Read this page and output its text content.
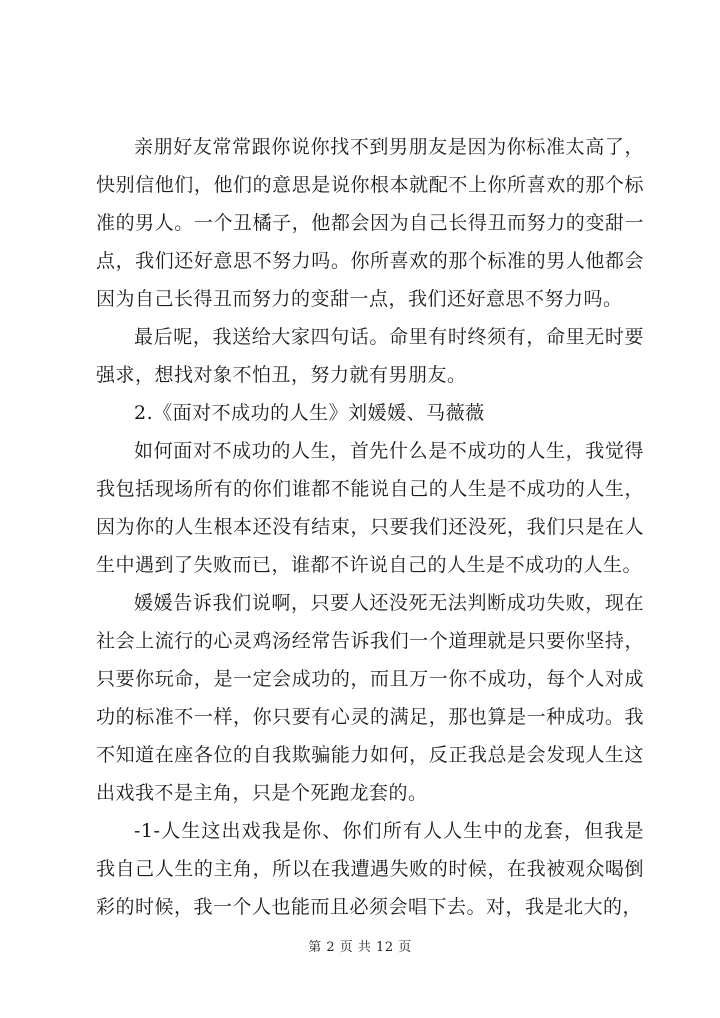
亲朋好友常常跟你说你找不到男朋友是因为你标准太高了，快别信他们，他们的意思是说你根本就配不上你所喜欢的那个标准的男人。一个丑橘子，他都会因为自己长得丑而努力的变甜一点，我们还好意思不努力吗。你所喜欢的那个标准的男人他都会因为自己长得丑而努力的变甜一点，我们还好意思不努力吗。

最后呢，我送给大家四句话。命里有时终须有，命里无时要强求，想找对象不怕丑，努力就有男朋友。

2.《面对不成功的人生》刘媛媛、马薇薇

如何面对不成功的人生，首先什么是不成功的人生，我觉得我包括现场所有的你们谁都不能说自己的人生是不成功的人生，因为你的人生根本还没有结束，只要我们还没死，我们只是在人生中遇到了失败而已，谁都不许说自己的人生是不成功的人生。

媛媛告诉我们说啊，只要人还没死无法判断成功失败，现在社会上流行的心灵鸡汤经常告诉我们一个道理就是只要你坚持，只要你玩命，是一定会成功的，而且万一你不成功，每个人对成功的标准不一样，你只要有心灵的满足，那也算是一种成功。我不知道在座各位的自我欺骗能力如何，反正我总是会发现人生这出戏我不是主角，只是个死跑龙套的。

-1-人生这出戏我是你、你们所有人人生中的龙套，但我是我自己人生的主角，所以在我遭遇失败的时候，在我被观众喝倒彩的时候，我一个人也能而且必须会唱下去。对，我是北大的，

第 2 页 共 12 页
